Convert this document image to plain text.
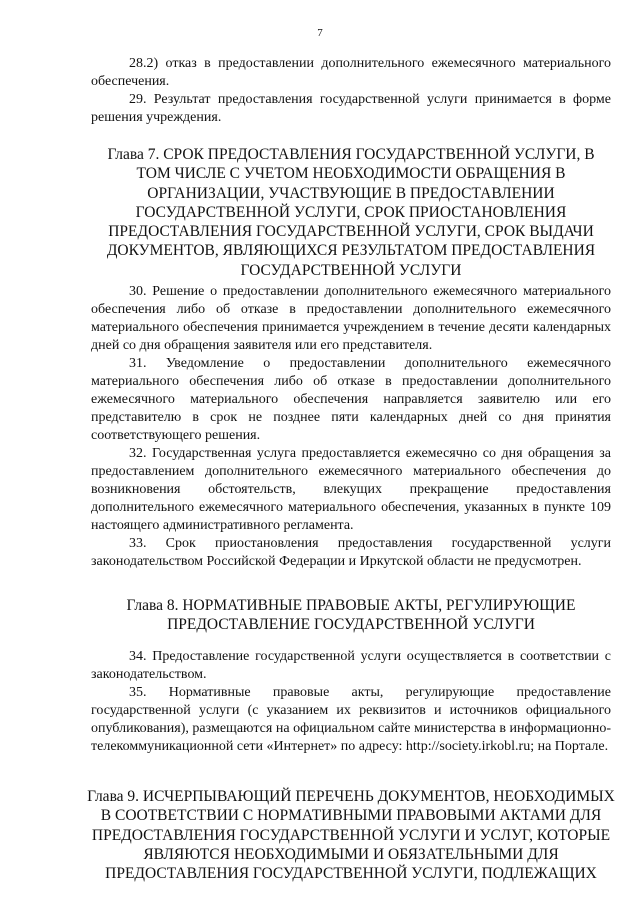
7

28.2) отказ в предоставлении дополнительного ежемесячного материального обеспечения.

29. Результат предоставления государственной услуги принимается в форме решения учреждения.

Глава 7. СРОК ПРЕДОСТАВЛЕНИЯ ГОСУДАРСТВЕННОЙ УСЛУГИ, В ТОМ ЧИСЛЕ С УЧЕТОМ НЕОБХОДИМОСТИ ОБРАЩЕНИЯ В ОРГАНИЗАЦИИ, УЧАСТВУЮЩИЕ В ПРЕДОСТАВЛЕНИИ ГОСУДАРСТВЕННОЙ УСЛУГИ, СРОК ПРИОСТАНОВЛЕНИЯ ПРЕДОСТАВЛЕНИЯ ГОСУДАРСТВЕННОЙ УСЛУГИ, СРОК ВЫДАЧИ ДОКУМЕНТОВ, ЯВЛЯЮЩИХСЯ РЕЗУЛЬТАТОМ ПРЕДОСТАВЛЕНИЯ ГОСУДАРСТВЕННОЙ УСЛУГИ

30. Решение о предоставлении дополнительного ежемесячного материального обеспечения либо об отказе в предоставлении дополнительного ежемесячного материального обеспечения принимается учреждением в течение десяти календарных дней со дня обращения заявителя или его представителя.

31. Уведомление о предоставлении дополнительного ежемесячного материального обеспечения либо об отказе в предоставлении дополнительного ежемесячного материального обеспечения направляется заявителю или его представителю в срок не позднее пяти календарных дней со дня принятия соответствующего решения.

32. Государственная услуга предоставляется ежемесячно со дня обращения за предоставлением дополнительного ежемесячного материального обеспечения до возникновения обстоятельств, влекущих прекращение предоставления дополнительного ежемесячного материального обеспечения, указанных в пункте 109 настоящего административного регламента.

33. Срок приостановления предоставления государственной услуги законодательством Российской Федерации и Иркутской области не предусмотрен.

Глава 8. НОРМАТИВНЫЕ ПРАВОВЫЕ АКТЫ, РЕГУЛИРУЮЩИЕ ПРЕДОСТАВЛЕНИЕ ГОСУДАРСТВЕННОЙ УСЛУГИ

34. Предоставление государственной услуги осуществляется в соответствии с законодательством.

35. Нормативные правовые акты, регулирующие предоставление государственной услуги (с указанием их реквизитов и источников официального опубликования), размещаются на официальном сайте министерства в информационно-телекоммуникационной сети «Интернет» по адресу: http://society.irkobl.ru; на Портале.

Глава 9. ИСЧЕРПЫВАЮЩИЙ ПЕРЕЧЕНЬ ДОКУМЕНТОВ, НЕОБХОДИМЫХ В СООТВЕТСТВИИ С НОРМАТИВНЫМИ ПРАВОВЫМИ АКТАМИ ДЛЯ ПРЕДОСТАВЛЕНИЯ ГОСУДАРСТВЕННОЙ УСЛУГИ И УСЛУГ, КОТОРЫЕ ЯВЛЯЮТСЯ НЕОБХОДИМЫМИ И ОБЯЗАТЕЛЬНЫМИ ДЛЯ ПРЕДОСТАВЛЕНИЯ ГОСУДАРСТВЕННОЙ УСЛУГИ, ПОДЛЕЖАЩИХ
